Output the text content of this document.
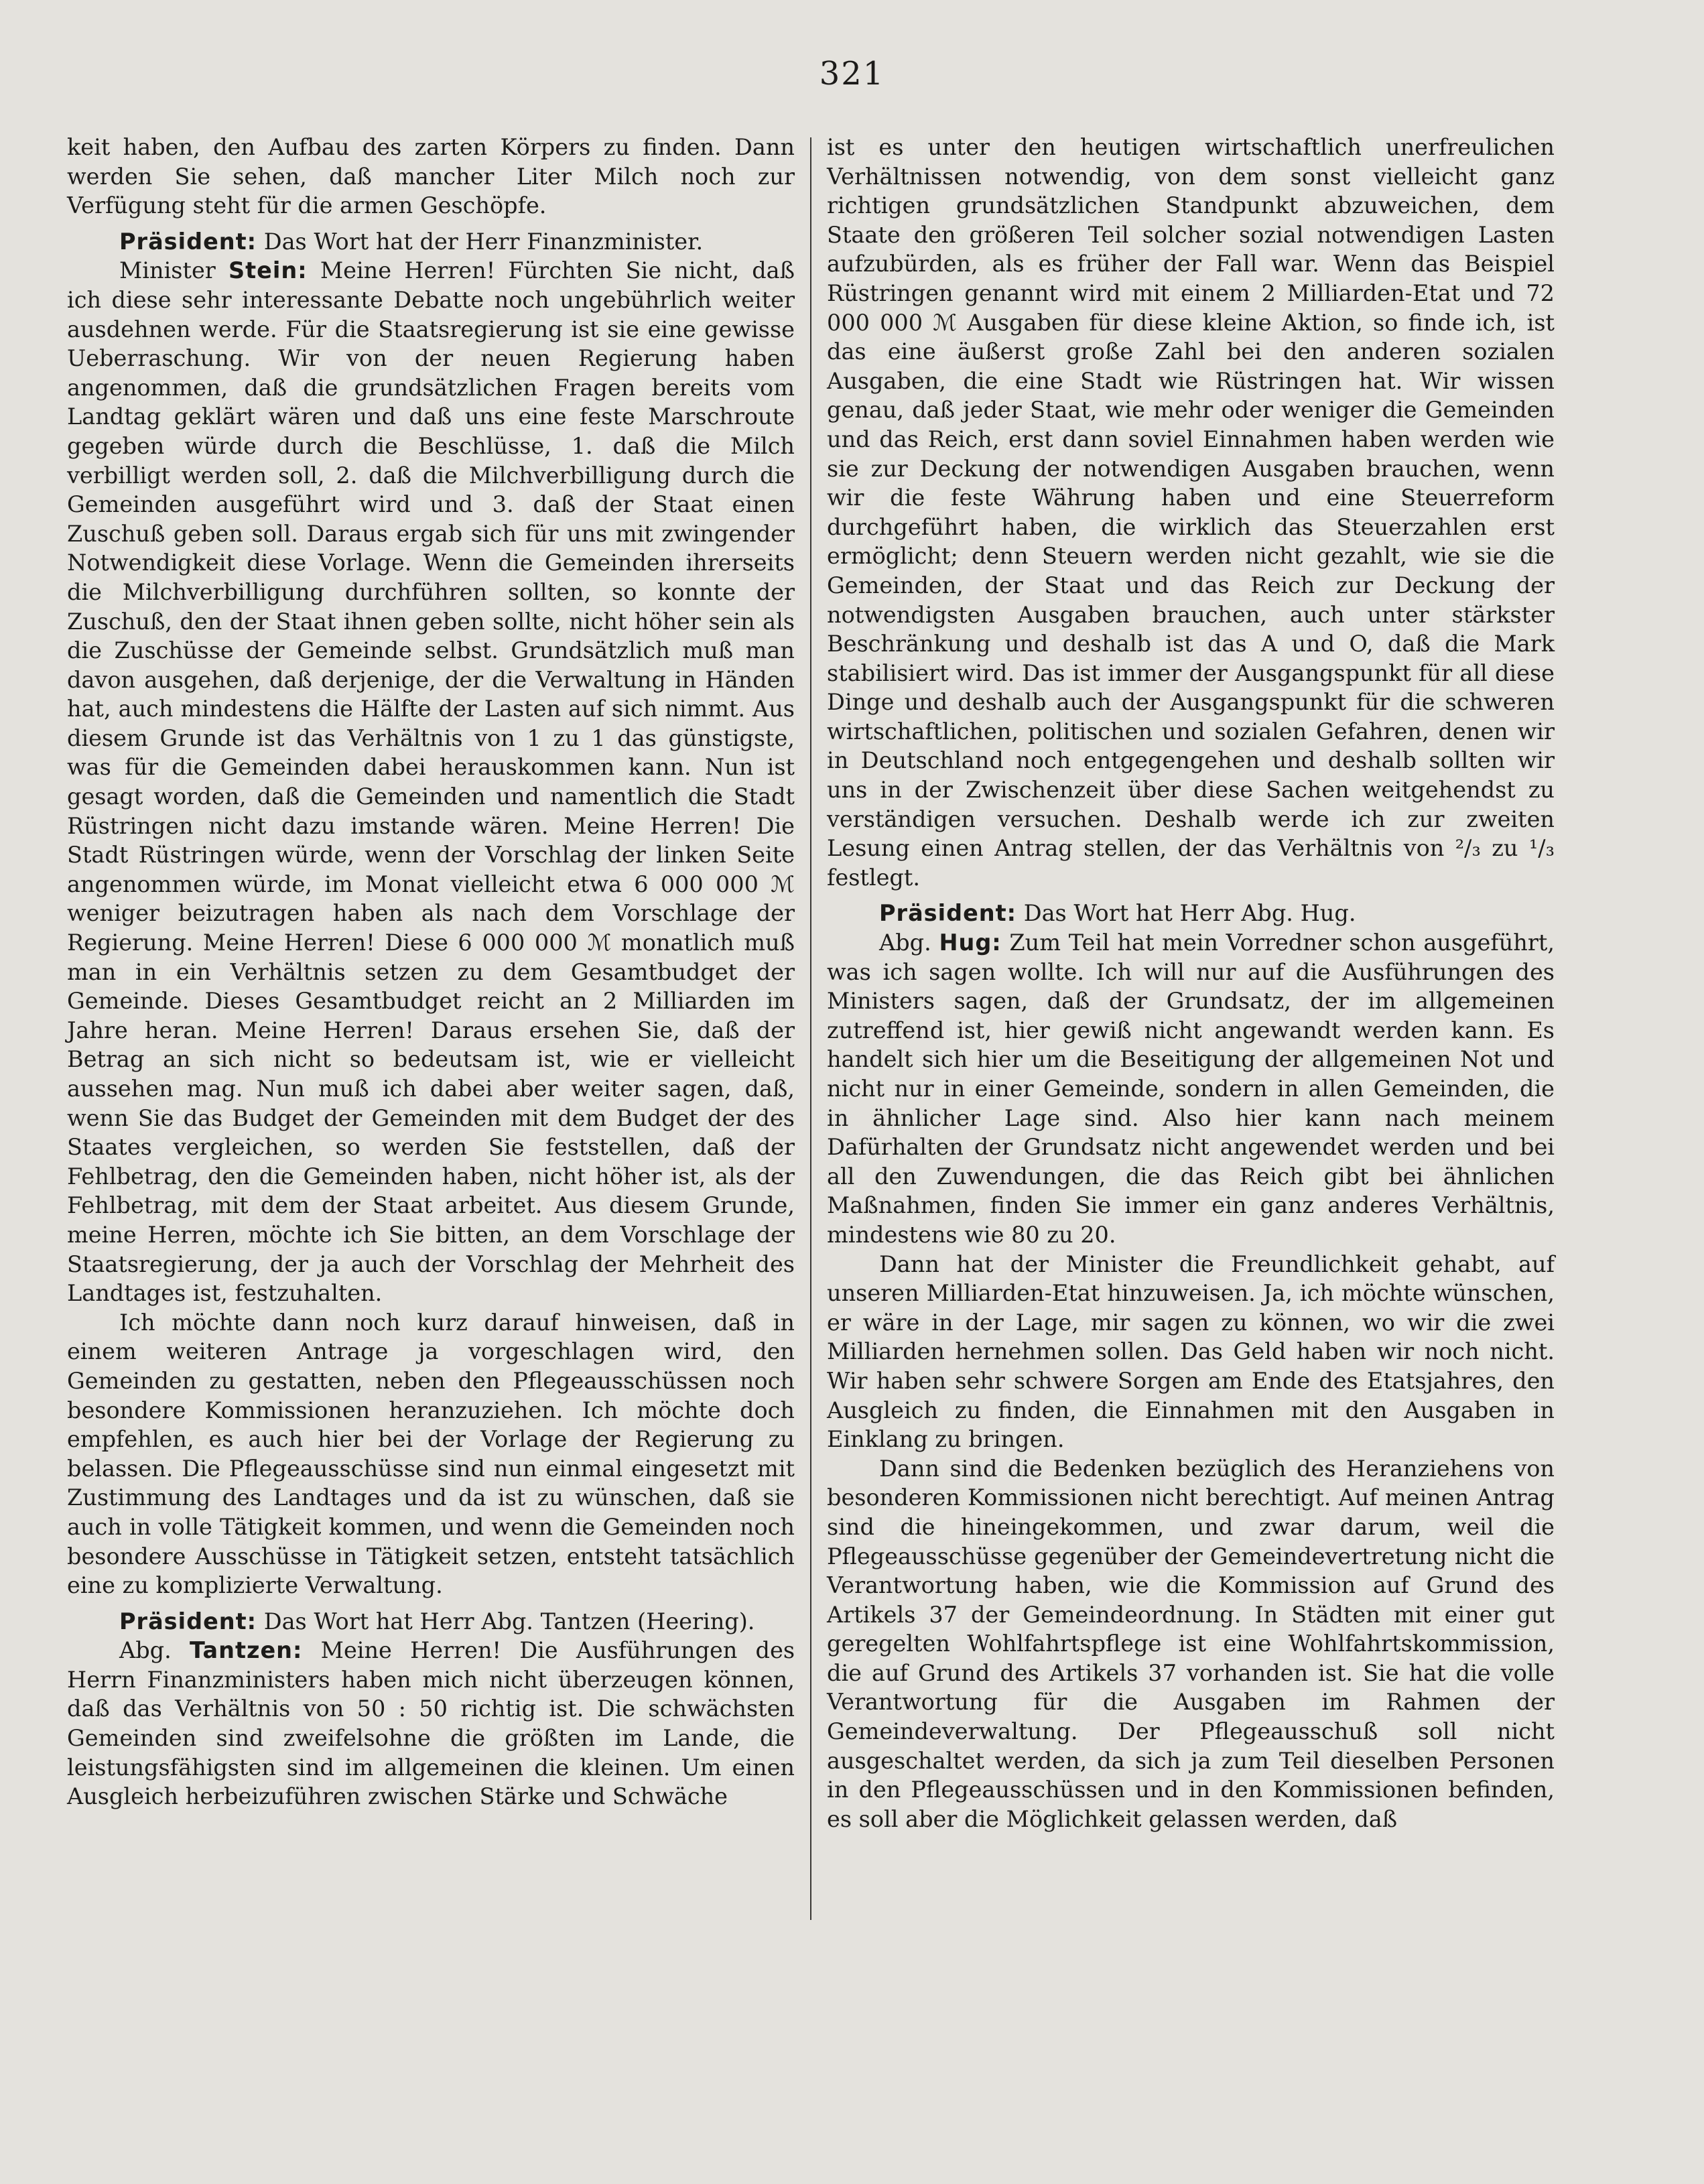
321

keit haben, den Aufbau des zarten Körpers zu finden. Dann werden Sie sehen, daß mancher Liter Milch noch zur Verfügung steht für die armen Geschöpfe.

Präsident: Das Wort hat der Herr Finanzminister.

Minister Stein: Meine Herren! Fürchten Sie nicht, daß ich diese sehr interessante Debatte noch ungebührlich weiter ausdehnen werde. Für die Staatsregierung ist sie eine gewisse Ueberraschung. Wir von der neuen Regierung haben angenommen, daß die grundsätzlichen Fragen bereits vom Landtag geklärt wären und daß uns eine feste Marschroute gegeben würde durch die Beschlüsse, 1. daß die Milch verbilligt werden soll, 2. daß die Milchverbilligung durch die Gemeinden ausgeführt wird und 3. daß der Staat einen Zuschuß geben soll. Daraus ergab sich für uns mit zwingender Notwendigkeit diese Vorlage. Wenn die Gemeinden ihrerseits die Milchverbilligung durchführen sollten, so konnte der Zuschuß, den der Staat ihnen geben sollte, nicht höher sein als die Zuschüsse der Gemeinde selbst. Grundsätzlich muß man davon ausgehen, daß derjenige, der die Verwaltung in Händen hat, auch mindestens die Hälfte der Lasten auf sich nimmt. Aus diesem Grunde ist das Verhältnis von 1 zu 1 das günstigste, was für die Gemeinden dabei herauskommen kann. Nun ist gesagt worden, daß die Gemeinden und namentlich die Stadt Rüstringen nicht dazu imstande wären. Meine Herren! Die Stadt Rüstringen würde, wenn der Vorschlag der linken Seite angenommen würde, im Monat vielleicht etwa 6 000 000 ℳ weniger beizutragen haben als nach dem Vorschlage der Regierung. Meine Herren! Diese 6 000 000 ℳ monatlich muß man in ein Verhältnis setzen zu dem Gesamtbudget der Gemeinde. Dieses Gesamtbudget reicht an 2 Milliarden im Jahre heran. Meine Herren! Daraus ersehen Sie, daß der Betrag an sich nicht so bedeutsam ist, wie er vielleicht aussehen mag. Nun muß ich dabei aber weiter sagen, daß, wenn Sie das Budget der Gemeinden mit dem Budget der des Staates vergleichen, so werden Sie feststellen, daß der Fehlbetrag, den die Gemeinden haben, nicht höher ist, als der Fehlbetrag, mit dem der Staat arbeitet. Aus diesem Grunde, meine Herren, möchte ich Sie bitten, an dem Vorschlage der Staatsregierung, der ja auch der Vorschlag der Mehrheit des Landtages ist, festzuhalten.

Ich möchte dann noch kurz darauf hinweisen, daß in einem weiteren Antrage ja vorgeschlagen wird, den Gemeinden zu gestatten, neben den Pflegeausschüssen noch besondere Kommissionen heranzuziehen. Ich möchte doch empfehlen, es auch hier bei der Vorlage der Regierung zu belassen. Die Pflegeausschüsse sind nun einmal eingesetzt mit Zustimmung des Landtages und da ist zu wünschen, daß sie auch in volle Tätigkeit kommen, und wenn die Gemeinden noch besondere Ausschüsse in Tätigkeit setzen, entsteht tatsächlich eine zu komplizierte Verwaltung.

Präsident: Das Wort hat Herr Abg. Tantzen (Heering).

Abg. Tantzen: Meine Herren! Die Ausführungen des Herrn Finanzministers haben mich nicht überzeugen können, daß das Verhältnis von 50 : 50 richtig ist. Die schwächsten Gemeinden sind zweifelsohne die größten im Lande, die leistungsfähigsten sind im allgemeinen die kleinen. Um einen Ausgleich herbeizuführen zwischen Stärke und Schwäche

ist es unter den heutigen wirtschaftlich unerfreulichen Verhältnissen notwendig, von dem sonst vielleicht ganz richtigen grundsätzlichen Standpunkt abzuweichen, dem Staate den größeren Teil solcher sozial notwendigen Lasten aufzubürden, als es früher der Fall war. Wenn das Beispiel Rüstringen genannt wird mit einem 2 Milliarden-Etat und 72 000 000 ℳ Ausgaben für diese kleine Aktion, so finde ich, ist das eine äußerst große Zahl bei den anderen sozialen Ausgaben, die eine Stadt wie Rüstringen hat. Wir wissen genau, daß jeder Staat, wie mehr oder weniger die Gemeinden und das Reich, erst dann soviel Einnahmen haben werden wie sie zur Deckung der notwendigen Ausgaben brauchen, wenn wir die feste Währung haben und eine Steuerreform durchgeführt haben, die wirklich das Steuerzahlen erst ermöglicht; denn Steuern werden nicht gezahlt, wie sie die Gemeinden, der Staat und das Reich zur Deckung der notwendigsten Ausgaben brauchen, auch unter stärkster Beschränkung und deshalb ist das A und O, daß die Mark stabilisiert wird. Das ist immer der Ausgangspunkt für all diese Dinge und deshalb auch der Ausgangspunkt für die schweren wirtschaftlichen, politischen und sozialen Gefahren, denen wir in Deutschland noch entgegengehen und deshalb sollten wir uns in der Zwischenzeit über diese Sachen weitgehendst zu verständigen versuchen. Deshalb werde ich zur zweiten Lesung einen Antrag stellen, der das Verhältnis von ²/₃ zu ¹/₃ festlegt.

Präsident: Das Wort hat Herr Abg. Hug.

Abg. Hug: Zum Teil hat mein Vorredner schon ausgeführt, was ich sagen wollte. Ich will nur auf die Ausführungen des Ministers sagen, daß der Grundsatz, der im allgemeinen zutreffend ist, hier gewiß nicht angewandt werden kann. Es handelt sich hier um die Beseitigung der allgemeinen Not und nicht nur in einer Gemeinde, sondern in allen Gemeinden, die in ähnlicher Lage sind. Also hier kann nach meinem Dafürhalten der Grundsatz nicht angewendet werden und bei all den Zuwendungen, die das Reich gibt bei ähnlichen Maßnahmen, finden Sie immer ein ganz anderes Verhältnis, mindestens wie 80 zu 20.

Dann hat der Minister die Freundlichkeit gehabt, auf unseren Milliarden-Etat hinzuweisen. Ja, ich möchte wünschen, er wäre in der Lage, mir sagen zu können, wo wir die zwei Milliarden hernehmen sollen. Das Geld haben wir noch nicht. Wir haben sehr schwere Sorgen am Ende des Etatsjahres, den Ausgleich zu finden, die Einnahmen mit den Ausgaben in Einklang zu bringen.

Dann sind die Bedenken bezüglich des Heranziehens von besonderen Kommissionen nicht berechtigt. Auf meinen Antrag sind die hineingekommen, und zwar darum, weil die Pflegeausschüsse gegenüber der Gemeindevertretung nicht die Verantwortung haben, wie die Kommission auf Grund des Artikels 37 der Gemeindeordnung. In Städten mit einer gut geregelten Wohlfahrtspflege ist eine Wohlfahrtskommission, die auf Grund des Artikels 37 vorhanden ist. Sie hat die volle Verantwortung für die Ausgaben im Rahmen der Gemeindeverwaltung. Der Pflegeausschuß soll nicht ausgeschaltet werden, da sich ja zum Teil dieselben Personen in den Pflegeausschüssen und in den Kommissionen befinden, es soll aber die Möglichkeit gelassen werden, daß
